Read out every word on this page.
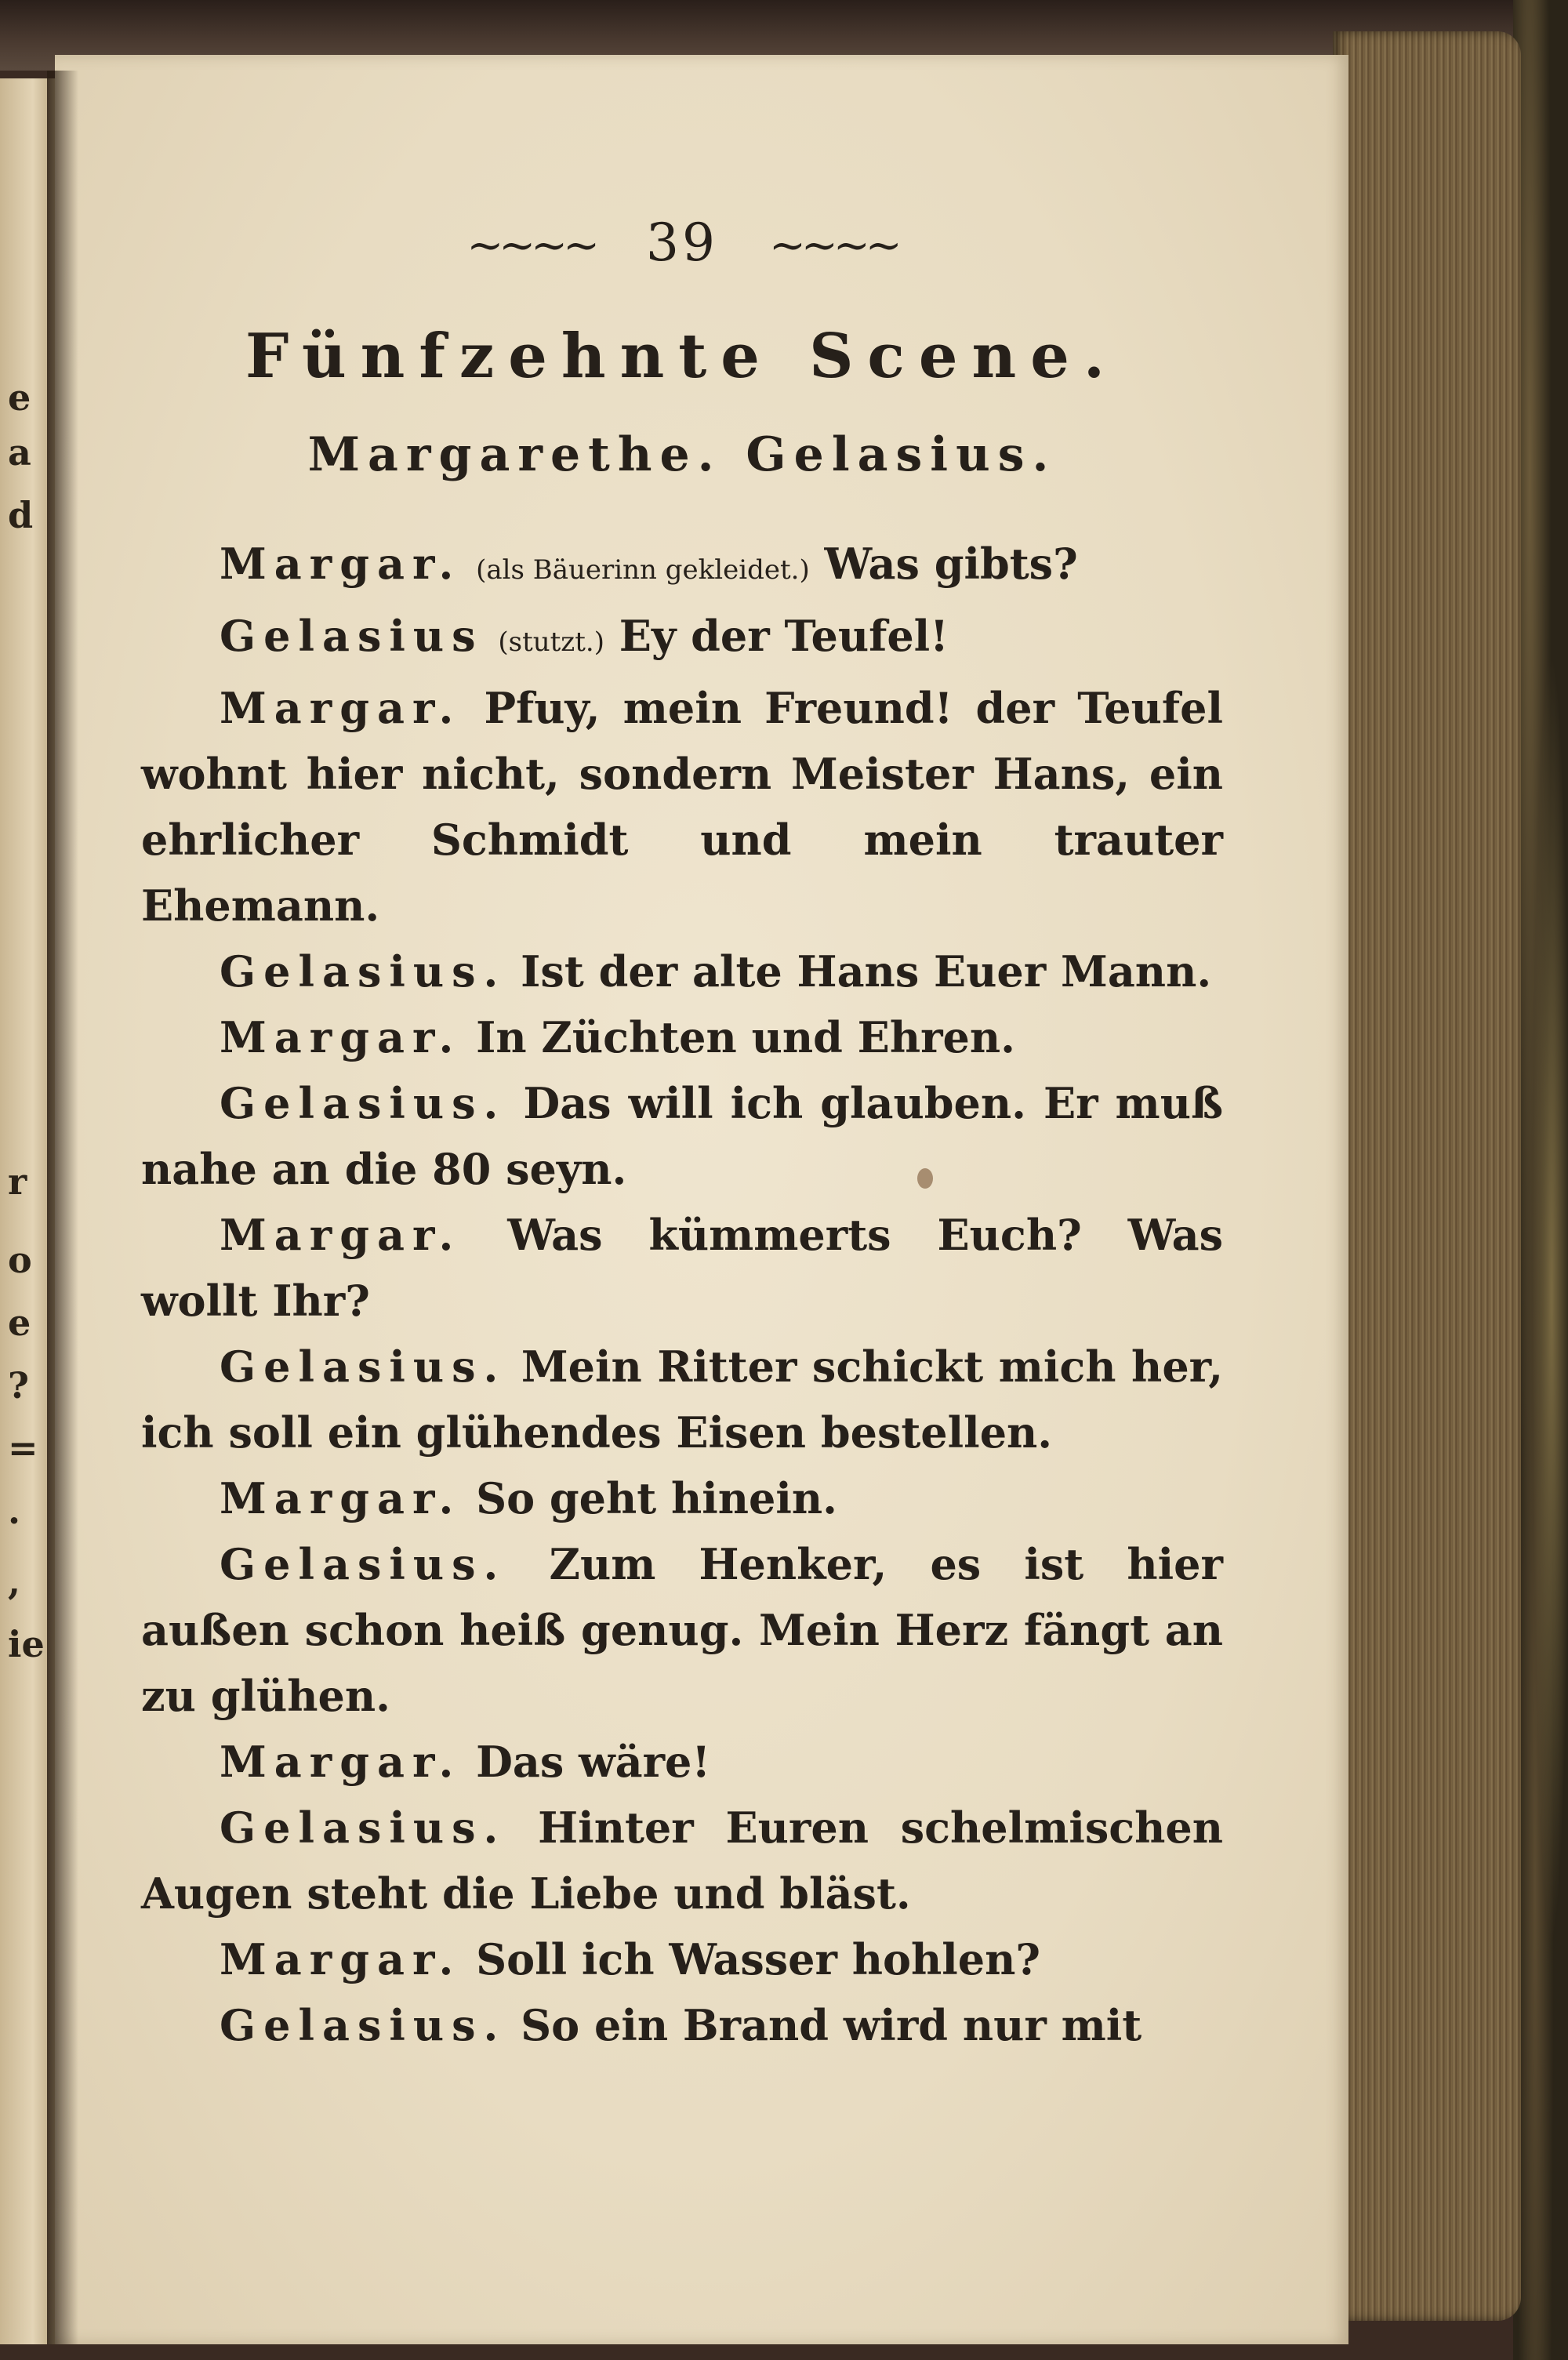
e
a
d
r
o
e
?
=
.
,
ie
~~~~ 39 ~~~~
Fünfzehnte Scene.
Margarethe. Gelasius.

Margar. (als Bäuerinn gekleidet.) Was gibts?

Gelasius (stutzt.) Ey der Teufel!

Margar. Pfuy, mein Freund! der Teufel wohnt hier nicht, sondern Meister Hans, ein ehrlicher Schmidt und mein trauter Ehemann.

Gelasius. Ist der alte Hans Euer Mann.

Margar. In Züchten und Ehren.

Gelasius. Das will ich glauben. Er muß nahe an die 80 seyn.

Margar. Was kümmerts Euch? Was wollt Ihr?

Gelasius. Mein Ritter schickt mich her, ich soll ein glühendes Eisen bestellen.

Margar. So geht hinein.

Gelasius. Zum Henker, es ist hier außen schon heiß genug. Mein Herz fängt an zu glühen.

Margar. Das wäre!

Gelasius. Hinter Euren schelmischen Augen steht die Liebe und bläst.

Margar. Soll ich Wasser hohlen?

Gelasius. So ein Brand wird nur mit
